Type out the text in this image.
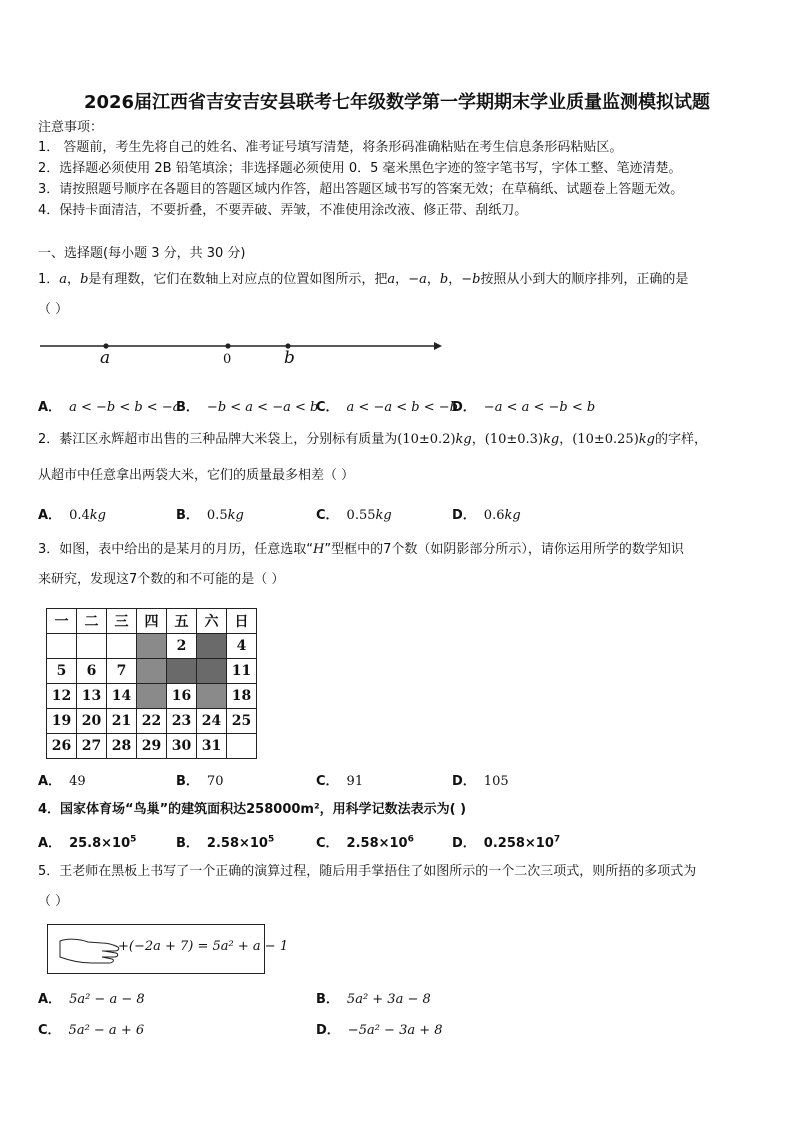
2026届江西省吉安吉安县联考七年级数学第一学期期末学业质量监测模拟试题
注意事项：
1． 答题前，考生先将自己的姓名、准考证号填写清楚，将条形码准确粘贴在考生信息条形码粘贴区。
2．选择题必须使用 2B 铅笔填涂；非选择题必须使用 0．5 毫米黑色字迹的签字笔书写，字体工整、笔迹清楚。
3．请按照题号顺序在各题目的答题区域内作答，超出答题区域书写的答案无效；在草稿纸、试题卷上答题无效。
4．保持卡面清洁，不要折叠，不要弄破、弄皱，不准使用涂改液、修正带、刮纸刀。
一、选择题(每小题 3 分，共 30 分)
1．a，b是有理数，它们在数轴上对应点的位置如图所示，把a，−a，b，−b按照从小到大的顺序排列，正确的是
（ ）
a	0	b
A． a < −b < b < −a
B． −b < a < −a < b
C． a < −a < b < −b
D． −a < a < −b < b
2．綦江区永辉超市出售的三种品牌大米袋上，分别标有质量为(10±0.2)kg，(10±0.3)kg，(10±0.25)kg的字样，
从超市中任意拿出两袋大米，它们的质量最多相差（ ）
A． 0.4kg	B． 0.5kg	C． 0.55kg	D． 0.6kg
3．如图，表中给出的是某月的月历，任意选取“H”型框中的7个数（如阴影部分所示），请你运用所学的数学知识
来研究，发现这7个数的和不可能的是（ ）
一	二	三	四	五	六	日
				2		4
5	6	7				11
12	13	14		16		18
19	20	21	22	23	24	25
26	27	28	29	30	31	
A． 49	B． 70	C． 91	D． 105
4．国家体育场“鸟巢”的建筑面积达258000m²，用科学记数法表示为( )
A． $25.8\times 10^5$	B． $2.58\times 10^5$	C． $2.58\times 10^6$	D． $0.258\times 10^7$
5．王老师在黑板上书写了一个正确的演算过程，随后用手掌捂住了如图所示的一个二次三项式，则所捂的多项式为
（ ）
+(−2a + 7) = 5a² + a − 1
A． 5a² − a − 8	B． 5a² + 3a − 8
C． 5a² − a + 6	D． −5a² − 3a + 8
